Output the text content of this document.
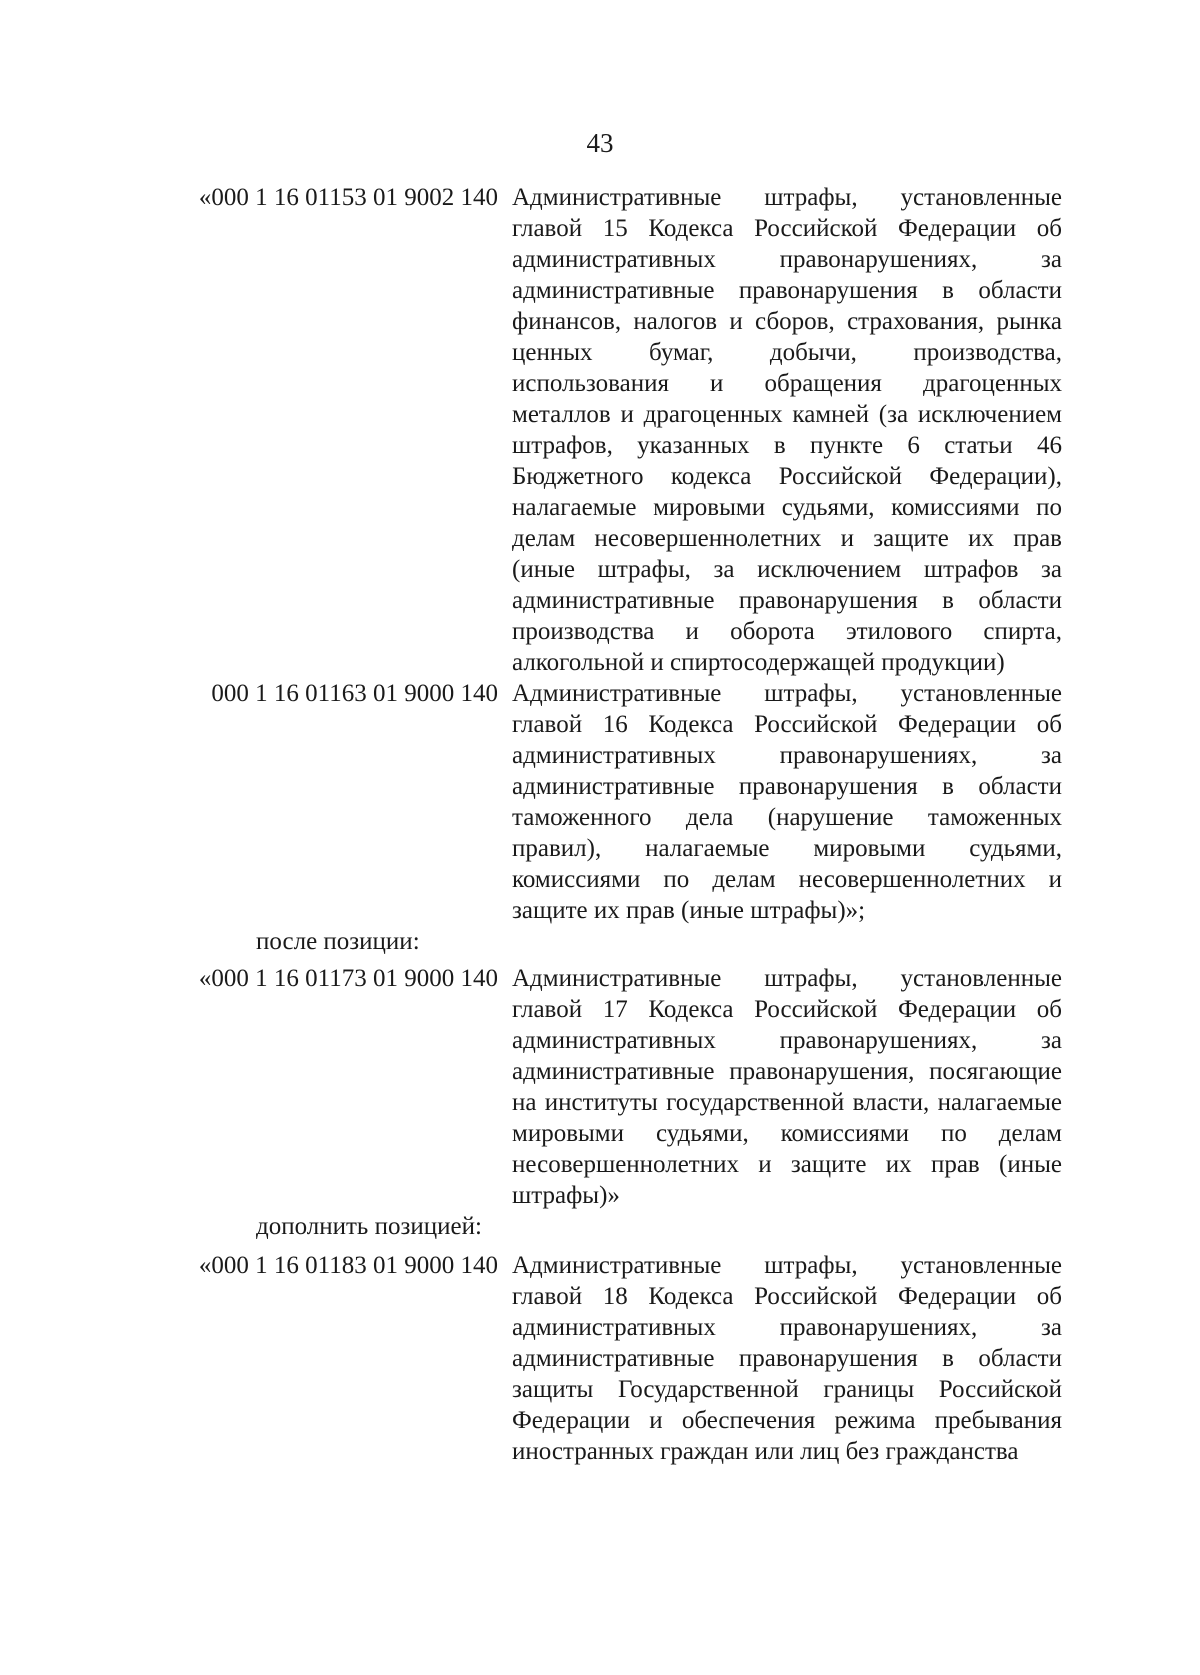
43
«000 1 16 01153 01 9002 140 Административные штрафы, установленные главой 15 Кодекса Российской Федерации об административных правонарушениях, за административные правонарушения в области финансов, налогов и сборов, страхования, рынка ценных бумаг, добычи, производства, использования и обращения драгоценных металлов и драгоценных камней (за исключением штрафов, указанных в пункте 6 статьи 46 Бюджетного кодекса Российской Федерации), налагаемые мировыми судьями, комиссиями по делам несовершеннолетних и защите их прав (иные штрафы, за исключением штрафов за административные правонарушения в области производства и оборота этилового спирта, алкогольной и спиртосодержащей продукции)
000 1 16 01163 01 9000 140 Административные штрафы, установленные главой 16 Кодекса Российской Федерации об административных правонарушениях, за административные правонарушения в области таможенного дела (нарушение таможенных правил), налагаемые мировыми судьями, комиссиями по делам несовершеннолетних и защите их прав (иные штрафы)»;
после позиции:
«000 1 16 01173 01 9000 140 Административные штрафы, установленные главой 17 Кодекса Российской Федерации об административных правонарушениях, за административные правонарушения, посягающие на институты государственной власти, налагаемые мировыми судьями, комиссиями по делам несовершеннолетних и защите их прав (иные штрафы)»
дополнить позицией:
«000 1 16 01183 01 9000 140 Административные штрафы, установленные главой 18 Кодекса Российской Федерации об административных правонарушениях, за административные правонарушения в области защиты Государственной границы Российской Федерации и обеспечения режима пребывания иностранных граждан или лиц без гражданства
